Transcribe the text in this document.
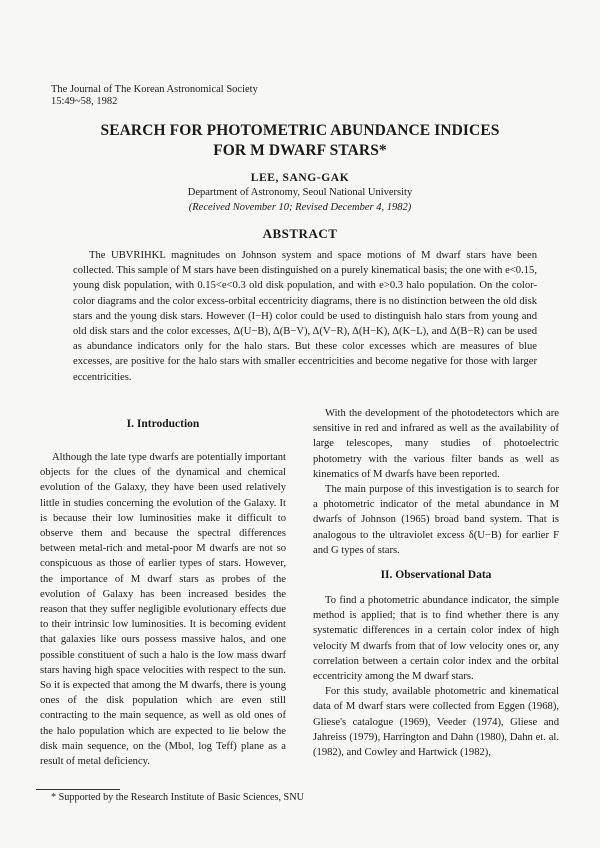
The Journal of The Korean Astronomical Society
15:49~58, 1982
SEARCH FOR PHOTOMETRIC ABUNDANCE INDICES
FOR M DWARF STARS*
LEE, SANG-GAK
Department of Astronomy, Seoul National University
(Received November 10; Revised December 4, 1982)
ABSTRACT

The UBVRIHKL magnitudes on Johnson system and space motions of M dwarf stars have been collected. This sample of M stars have been distinguished on a purely kinematical basis; the one with e<0.15, young disk population, with 0.15<e<0.3 old disk population, and with e>0.3 halo population. On the color-color diagrams and the color excess-orbital eccentricity diagrams, there is no distinction between the old disk stars and the young disk stars. However (I−H) color could be used to distinguish halo stars from young and old disk stars and the color excesses, Δ(U−B), Δ(B−V), Δ(V−R), Δ(H−K), Δ(K−L), and Δ(B−R) can be used as abundance indicators only for the halo stars. But these color excesses which are measures of blue excesses, are positive for the halo stars with smaller eccentricities and become negative for those with larger eccentricities.

I. Introduction

Although the late type dwarfs are potentially important objects for the clues of the dynamical and chemical evolution of the Galaxy, they have been used relatively little in studies concerning the evolution of the Galaxy. It is because their low luminosities make it difficult to observe them and because the spectral differences between metal-rich and metal-poor M dwarfs are not so conspicuous as those of earlier types of stars. However, the importance of M dwarf stars as probes of the evolution of Galaxy has been increased besides the reason that they suffer negligible evolutionary effects due to their intrinsic low luminosities. It is becoming evident that galaxies like ours possess massive halos, and one possible constituent of such a halo is the low mass dwarf stars having high space velocities with respect to the sun. So it is expected that among the M dwarfs, there is young ones of the disk population which are even still contracting to the main sequence, as well as old ones of the halo population which are expected to lie below the disk main sequence, on the (Mbol, log Teff) plane as a result of metal deficiency.

With the development of the photodetectors which are sensitive in red and infrared as well as the availability of large telescopes, many studies of photoelectric photometry with the various filter bands as well as kinematics of M dwarfs have been reported.

The main purpose of this investigation is to search for a photometric indicator of the metal abundance in M dwarfs of Johnson (1965) broad band system. That is analogous to the ultraviolet excess δ(U−B) for earlier F and G types of stars.

II. Observational Data

To find a photometric abundance indicator, the simple method is applied; that is to find whether there is any systematic differences in a certain color index of high velocity M dwarfs from that of low velocity ones or, any correlation between a certain color index and the orbital eccentricity among the M dwarf stars.

For this study, available photometric and kinematical data of M dwarf stars were collected from Eggen (1968), Gliese's catalogue (1969), Veeder (1974), Gliese and Jahreiss (1979), Harrington and Dahn (1980), Dahn et. al. (1982), and Cowley and Hartwick (1982),

* Supported by the Research Institute of Basic Sciences, SNU
